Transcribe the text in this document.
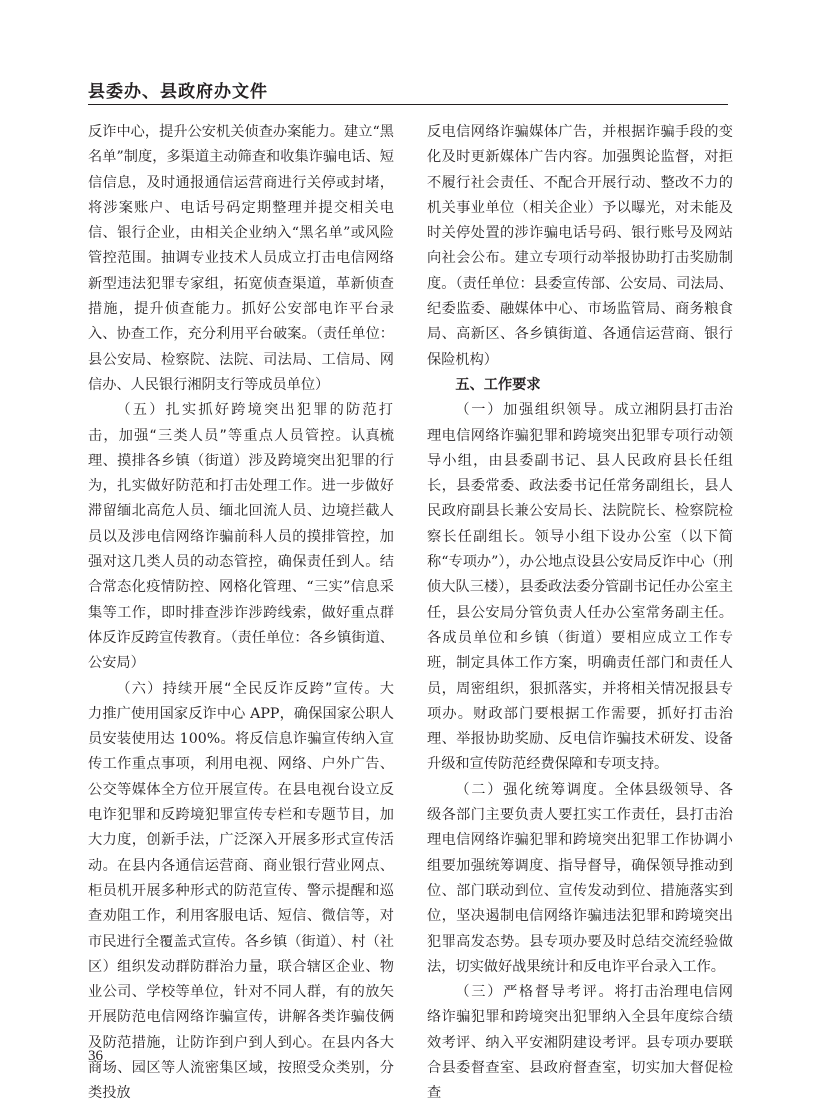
县委办、县政府办文件

反诈中心，提升公安机关侦查办案能力。建立“黑名单”制度，多渠道主动筛查和收集诈骗电话、短信信息，及时通报通信运营商进行关停或封堵，将涉案账户、电话号码定期整理并提交相关电信、银行企业，由相关企业纳入“黑名单”或风险管控范围。抽调专业技术人员成立打击电信网络新型违法犯罪专家组，拓宽侦查渠道，革新侦查措施，提升侦查能力。抓好公安部电诈平台录入、协查工作，充分利用平台破案。（责任单位：县公安局、检察院、法院、司法局、工信局、网信办、人民银行湘阴支行等成员单位）

（五）扎实抓好跨境突出犯罪的防范打击，加强“三类人员”等重点人员管控。认真梳理、摸排各乡镇（街道）涉及跨境突出犯罪的行为，扎实做好防范和打击处理工作。进一步做好滞留缅北高危人员、缅北回流人员、边境拦截人员以及涉电信网络诈骗前科人员的摸排管控，加强对这几类人员的动态管控，确保责任到人。结合常态化疫情防控、网格化管理、“三实”信息采集等工作，即时排查涉诈涉跨线索，做好重点群体反诈反跨宣传教育。（责任单位：各乡镇街道、公安局）

（六）持续开展“全民反诈反跨”宣传。大力推广使用国家反诈中心 APP，确保国家公职人员安装使用达 100%。将反信息诈骗宣传纳入宣传工作重点事项，利用电视、网络、户外广告、公交等媒体全方位开展宣传。在县电视台设立反电诈犯罪和反跨境犯罪宣传专栏和专题节目，加大力度，创新手法，广泛深入开展多形式宣传活动。在县内各通信运营商、商业银行营业网点、柜员机开展多种形式的防范宣传、警示提醒和巡查劝阻工作，利用客服电话、短信、微信等，对市民进行全覆盖式宣传。各乡镇（街道）、村（社区）组织发动群防群治力量，联合辖区企业、物业公司、学校等单位，针对不同人群，有的放矢开展防范电信网络诈骗宣传，讲解各类诈骗伎俩及防范措施，让防诈到户到人到心。在县内各大商场、园区等人流密集区域，按照受众类别，分类投放

反电信网络诈骗媒体广告，并根据诈骗手段的变化及时更新媒体广告内容。加强舆论监督，对拒不履行社会责任、不配合开展行动、整改不力的机关事业单位（相关企业）予以曝光，对未能及时关停处置的涉诈骗电话号码、银行账号及网站向社会公布。建立专项行动举报协助打击奖励制度。（责任单位：县委宣传部、公安局、司法局、纪委监委、融媒体中心、市场监管局、商务粮食局、高新区、各乡镇街道、各通信运营商、银行保险机构）

五、工作要求

（一）加强组织领导。成立湘阴县打击治理电信网络诈骗犯罪和跨境突出犯罪专项行动领导小组，由县委副书记、县人民政府县长任组长，县委常委、政法委书记任常务副组长，县人民政府副县长兼公安局长、法院院长、检察院检察长任副组长。领导小组下设办公室（以下简称“专项办”），办公地点设县公安局反诈中心（刑侦大队三楼），县委政法委分管副书记任办公室主任，县公安局分管负责人任办公室常务副主任。各成员单位和乡镇（街道）要相应成立工作专班，制定具体工作方案，明确责任部门和责任人员，周密组织，狠抓落实，并将相关情况报县专项办。财政部门要根据工作需要，抓好打击治理、举报协助奖励、反电信诈骗技术研发、设备升级和宣传防范经费保障和专项支持。

（二）强化统筹调度。全体县级领导、各级各部门主要负责人要扛实工作责任，县打击治理电信网络诈骗犯罪和跨境突出犯罪工作协调小组要加强统筹调度、指导督导，确保领导推动到位、部门联动到位、宣传发动到位、措施落实到位，坚决遏制电信网络诈骗违法犯罪和跨境突出犯罪高发态势。县专项办要及时总结交流经验做法，切实做好战果统计和反电诈平台录入工作。

（三）严格督导考评。将打击治理电信网络诈骗犯罪和跨境突出犯罪纳入全县年度综合绩效考评、纳入平安湘阴建设考评。县专项办要联合县委督查室、县政府督查室，切实加大督促检查

36
